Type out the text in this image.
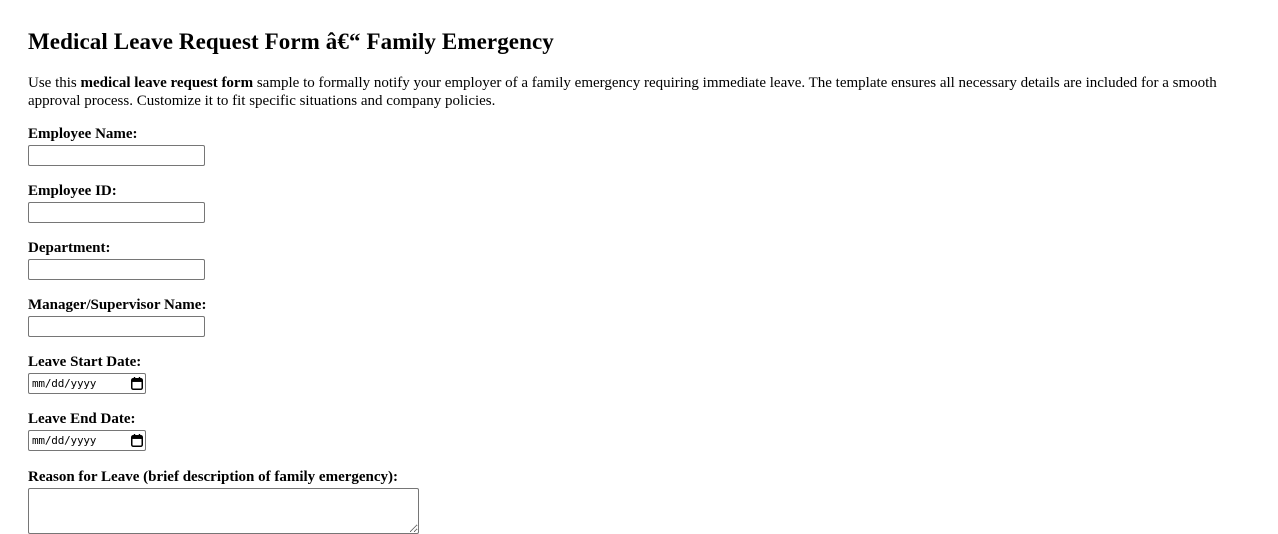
Medical Leave Request Form â€“ Family Emergency

Use this medical leave request form sample to formally notify your employer of a family emergency requiring immediate leave. The template ensures all necessary details are included for a smooth approval process. Customize it to fit specific situations and company policies.

Employee Name:
Employee ID:
Department:
Manager/Supervisor Name:
Leave Start Date:
mm/dd/yyyy
Leave End Date:
mm/dd/yyyy
Reason for Leave (brief description of family emergency):
